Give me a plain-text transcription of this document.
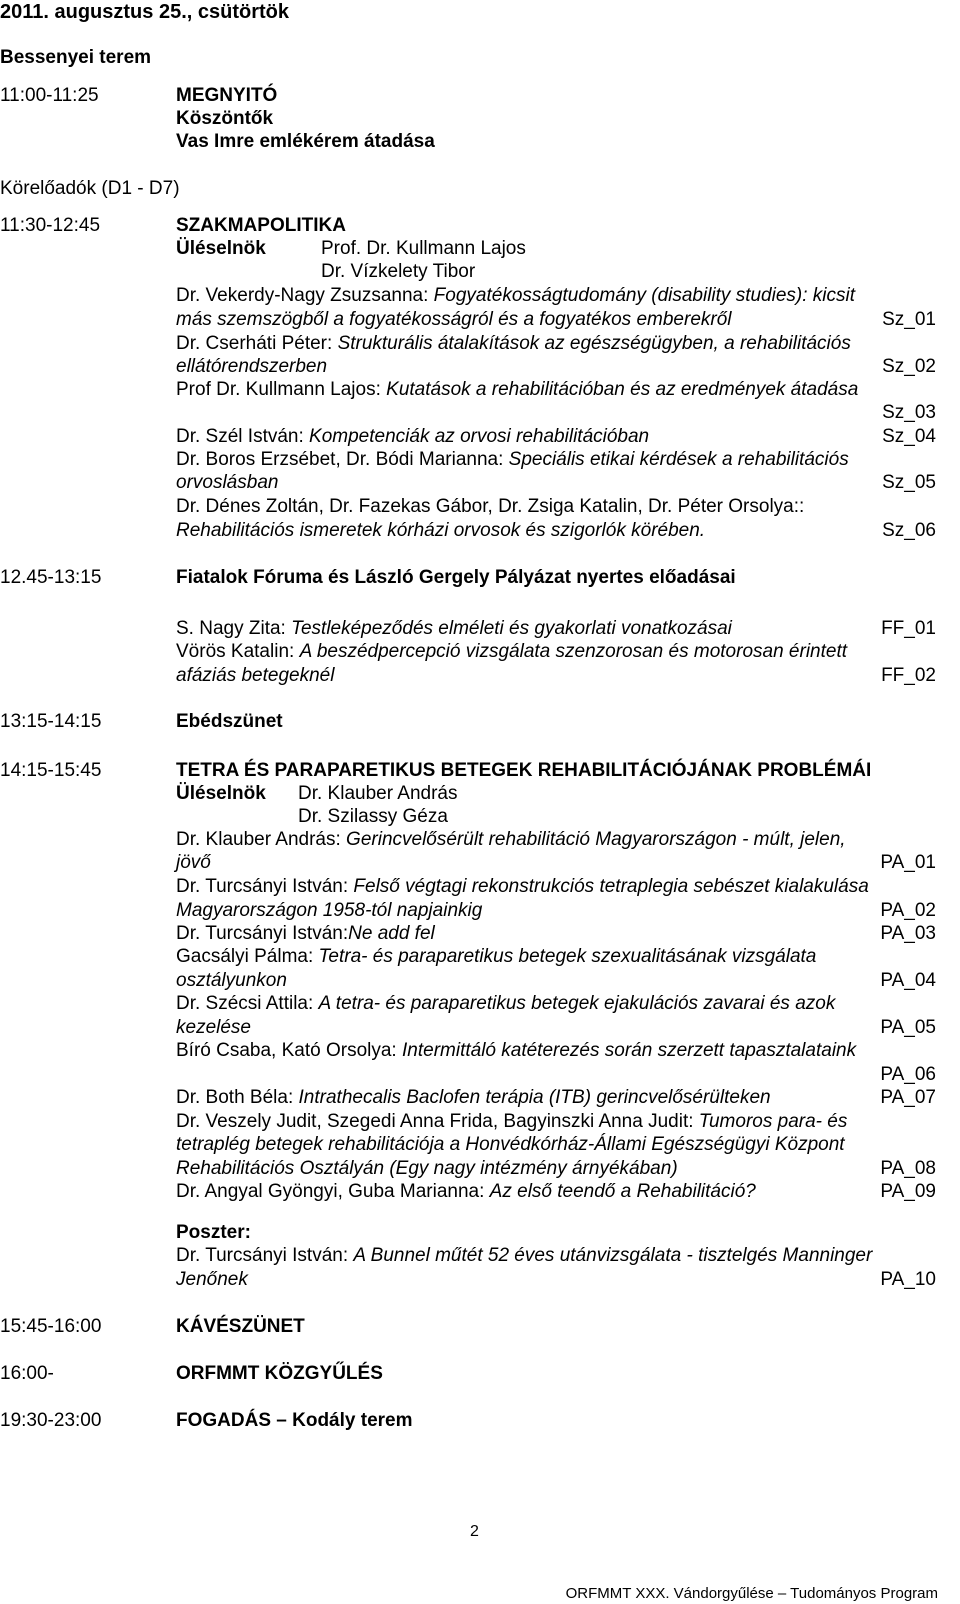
2011. augusztus 25., csütörtök
Bessenyei terem
11:00-11:25	MEGNYITÓ
Köszöntők
Vas Imre emlékérem átadása
Körelőadók (D1 - D7)
11:30-12:45	SZAKMAPOLITIKA
Üléselnök	Prof. Dr. Kullmann Lajos
Dr. Vízkelety Tibor
Dr. Vekerdy-Nagy Zsuzsanna: Fogyatékosságtudomány (disability studies): kicsit
más szemszögből a fogyatékosságról és a fogyatékos emberekről	Sz_01
Dr. Cserháti Péter: Strukturális átalakítások az egészségügyben, a rehabilitációs
ellátórendszerben	Sz_02
Prof Dr. Kullmann Lajos: Kutatások a rehabilitációban és az eredmények átadása
Sz_03
Dr. Szél István: Kompetenciák az orvosi rehabilitációban	Sz_04
Dr. Boros Erzsébet, Dr. Bódi Marianna: Speciális etikai kérdések a rehabilitációs
orvoslásban	Sz_05
Dr. Dénes Zoltán, Dr. Fazekas Gábor, Dr. Zsiga Katalin, Dr. Péter Orsolya::
Rehabilitációs ismeretek kórházi orvosok és szigorlók körében.	Sz_06
12.45-13:15	Fiatalok Fóruma és László Gergely Pályázat nyertes előadásai
S. Nagy Zita: Testleképeződés elméleti és gyakorlati vonatkozásai	FF_01
Vörös Katalin: A beszédpercepció vizsgálata szenzorosan és motorosan érintett
afáziás betegeknél	FF_02
13:15-14:15	Ebédszünet
14:15-15:45	TETRA ÉS PARAPARETIKUS BETEGEK REHABILITÁCIÓJÁNAK PROBLÉMÁI
Üléselnök Dr. Klauber András
Dr. Szilassy Géza
Dr. Klauber András: Gerincvelősérült rehabilitáció Magyarországon - múlt, jelen,
jövő	PA_01
Dr. Turcsányi István: Felső végtagi rekonstrukciós tetraplegia sebészet kialakulása
Magyarországon 1958-tól napjainkig	PA_02
Dr. Turcsányi István:Ne add fel	PA_03
Gacsályi Pálma: Tetra- és paraparetikus betegek szexualitásának vizsgálata
osztályunkon	PA_04
Dr. Szécsi Attila: A tetra- és paraparetikus betegek ejakulációs zavarai és azok
kezelése	PA_05
Bíró Csaba, Kató Orsolya: Intermittáló katéterezés során szerzett tapasztalataink
PA_06
Dr. Both Béla: Intrathecalis Baclofen terápia (ITB) gerincvelősérülteken	PA_07
Dr. Veszely Judit, Szegedi Anna Frida, Bagyinszki Anna Judit: Tumoros para- és
tetraplég betegek rehabilitációja a Honvédkórház-Állami Egészségügyi Központ
Rehabilitációs Osztályán (Egy nagy intézmény árnyékában)	PA_08
Dr. Angyal Gyöngyi, Guba Marianna: Az első teendő a Rehabilitáció?	PA_09
Poszter:
Dr. Turcsányi István: A Bunnel műtét 52 éves utánvizsgálata - tisztelgés Manninger
Jenőnek	PA_10
15:45-16:00	KÁVÉSZÜNET
16:00-	ORFMMT KÖZGYŰLÉS
19:30-23:00	FOGADÁS – Kodály terem
2
ORFMMT XXX. Vándorgyűlése – Tudományos Program
